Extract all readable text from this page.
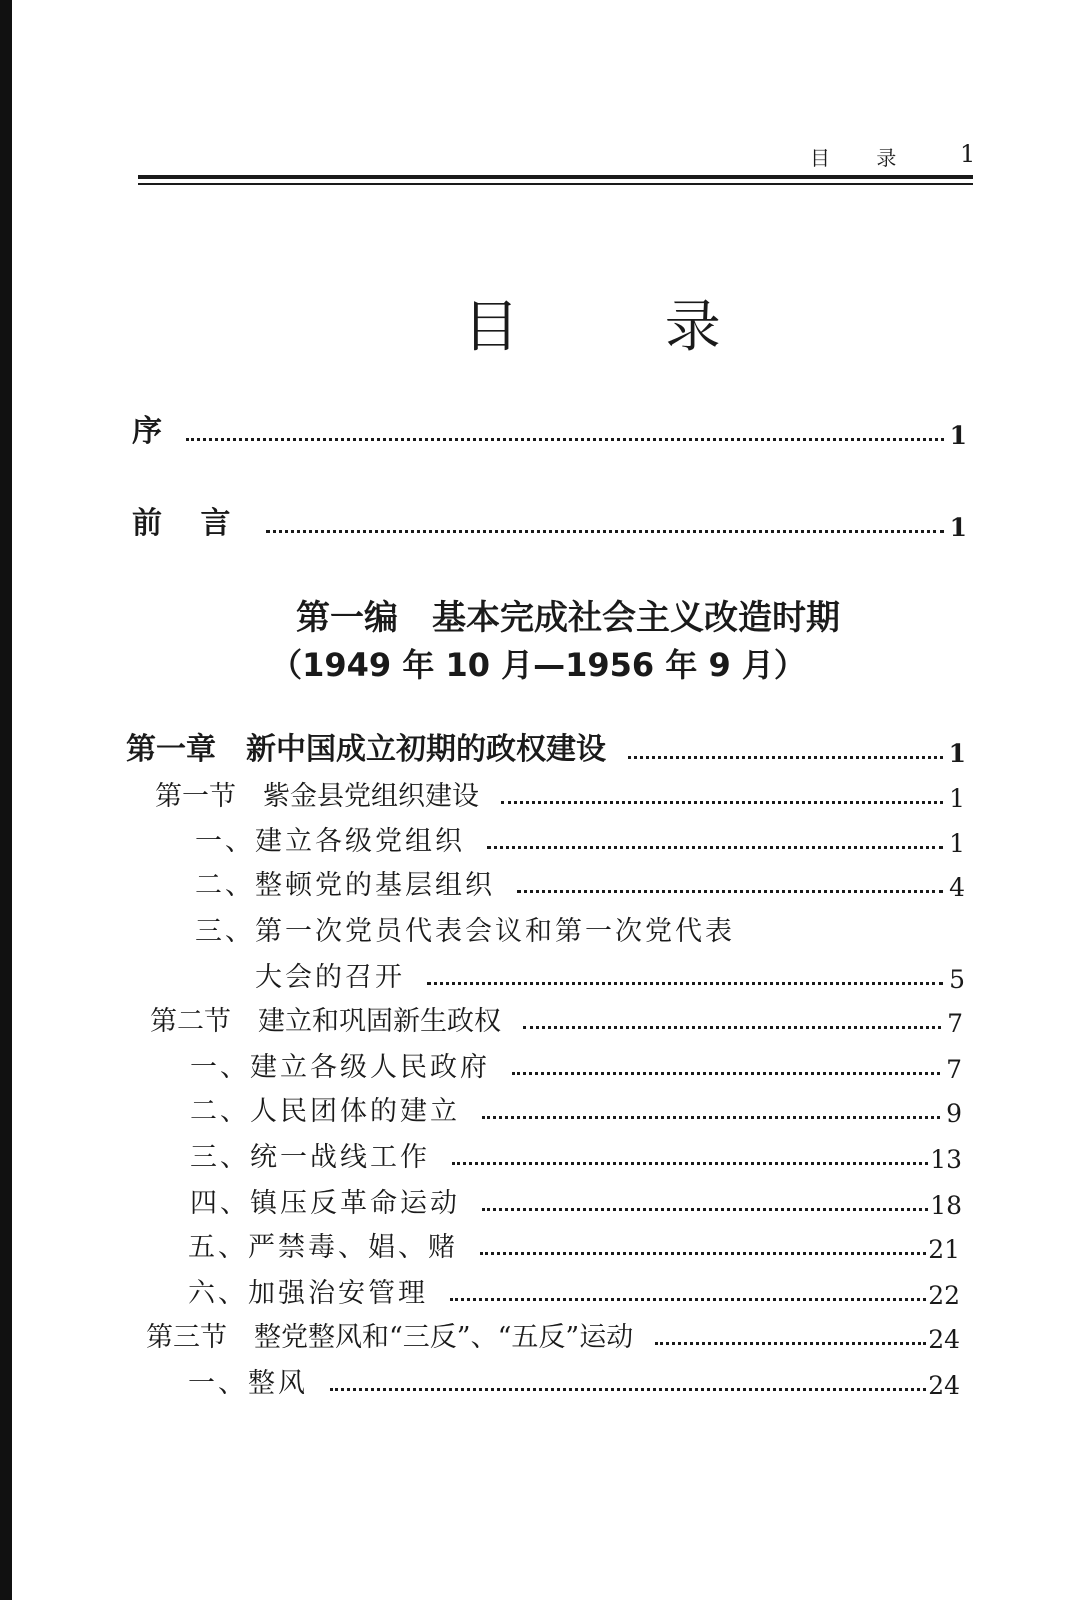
目 录 1
目 录
序	1
前 言	1
第一编　基本完成社会主义改造时期
（1949 年 10 月—1956 年 9 月）
第一章　新中国成立初期的政权建设	1
第一节　紫金县党组织建设	1
一、建立各级党组织	1
二、整顿党的基层组织	4
三、第一次党员代表会议和第一次党代表
大会的召开	5
第二节　建立和巩固新生政权	7
一、建立各级人民政府	7
二、人民团体的建立	9
三、统一战线工作	13
四、镇压反革命运动	18
五、严禁毒、娼、赌	21
六、加强治安管理	22
第三节　整党整风和“三反”、“五反”运动	24
一、整风	24
